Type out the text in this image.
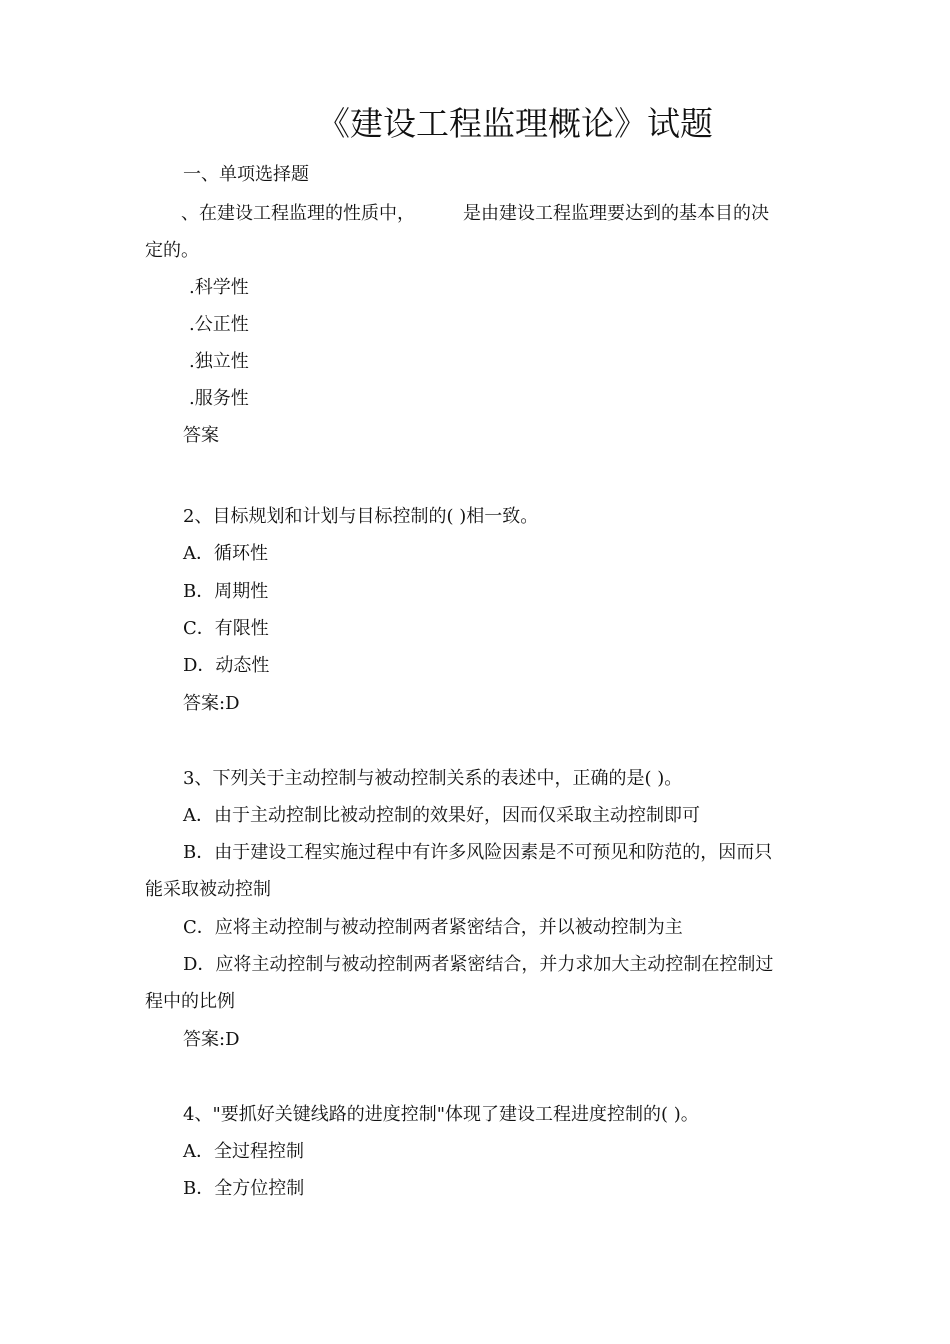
《建设工程监理概论》试题

一、单项选择题

、在建设工程监理的性质中，	是由建设工程监理要达到的基本目的决

定的。

.科学性

.公正性

.独立性

.服务性

答案

2、目标规划和计划与目标控制的( )相一致。

A．循环性

B．周期性

C．有限性

D．动态性

答案:D

3、下列关于主动控制与被动控制关系的表述中，正确的是( )。

A．由于主动控制比被动控制的效果好，因而仅采取主动控制即可

B．由于建设工程实施过程中有许多风险因素是不可预见和防范的，因而只

能采取被动控制

C．应将主动控制与被动控制两者紧密结合，并以被动控制为主

D．应将主动控制与被动控制两者紧密结合，并力求加大主动控制在控制过

程中的比例

答案:D

4、"要抓好关键线路的进度控制"体现了建设工程进度控制的( )。

A．全过程控制

B．全方位控制
